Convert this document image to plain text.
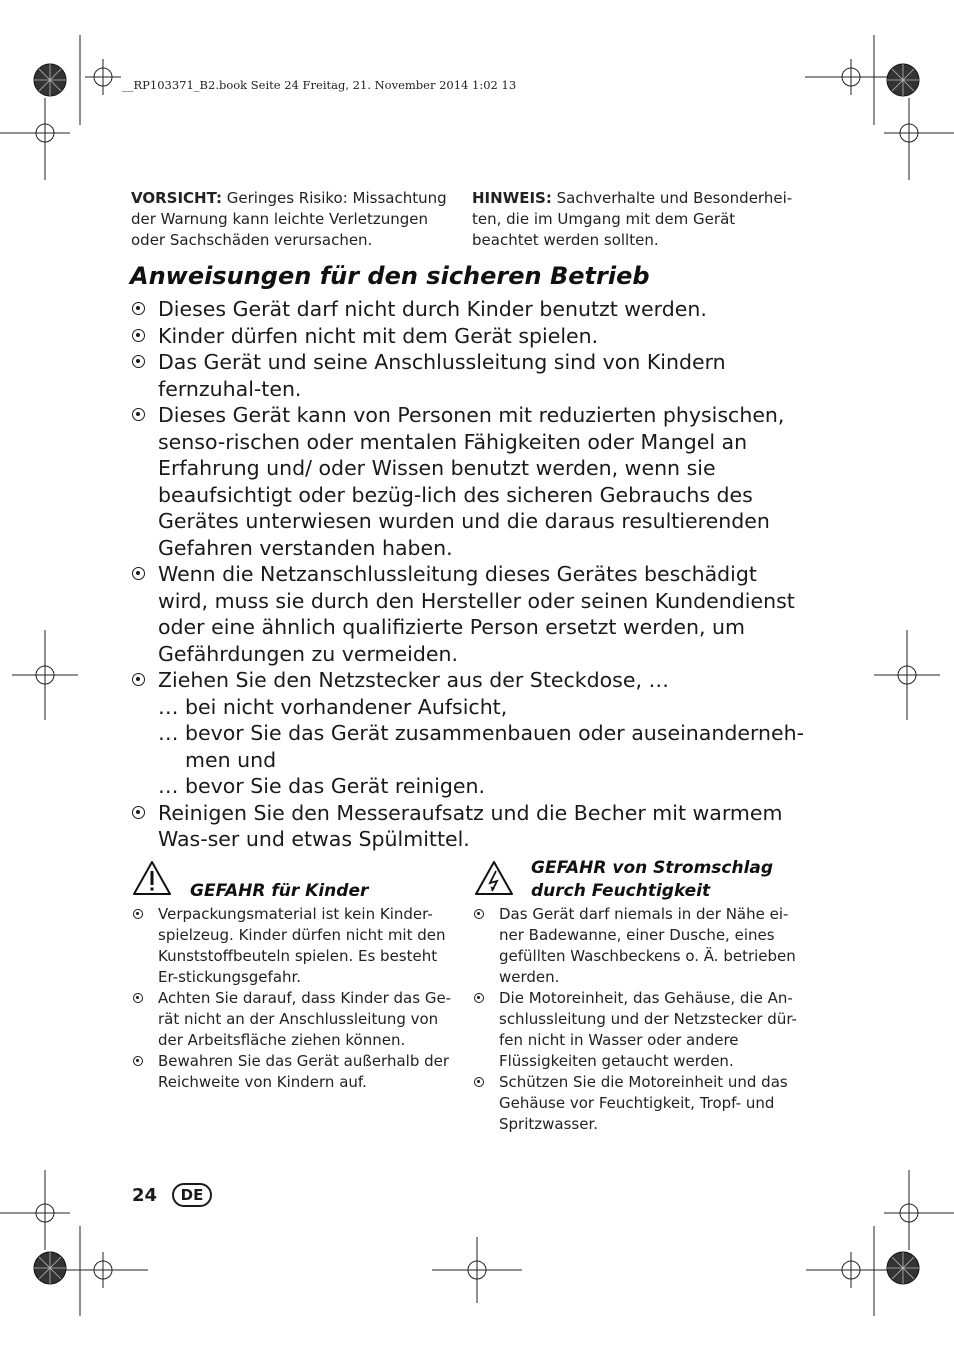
__RP103371_B2.book Seite 24 Freitag, 21. November 2014 1:02 13
VORSICHT: Geringes Risiko: Missachtung der Warnung kann leichte Verletzungen oder Sachschäden verursachen.
HINWEIS: Sachverhalte und Besonderhei-ten, die im Umgang mit dem Gerät beachtet werden sollten.
Anweisungen für den sicheren Betrieb
Dieses Gerät darf nicht durch Kinder benutzt werden.
Kinder dürfen nicht mit dem Gerät spielen.
Das Gerät und seine Anschlussleitung sind von Kindern fernzuhal-ten.
Dieses Gerät kann von Personen mit reduzierten physischen, senso-rischen oder mentalen Fähigkeiten oder Mangel an Erfahrung und/ oder Wissen benutzt werden, wenn sie beaufsichtigt oder bezüg-lich des sicheren Gebrauchs des Gerätes unterwiesen wurden und die daraus resultierenden Gefahren verstanden haben.
Wenn die Netzanschlussleitung dieses Gerätes beschädigt wird, muss sie durch den Hersteller oder seinen Kundendienst oder eine ähnlich qualifizierte Person ersetzt werden, um Gefährdungen zu vermeiden.
Ziehen Sie den Netzstecker aus der Steckdose, …
… bei nicht vorhandener Aufsicht,
… bevor Sie das Gerät zusammenbauen oder auseinanderneh-men und
… bevor Sie das Gerät reinigen.
Reinigen Sie den Messeraufsatz und die Becher mit warmem Was-ser und etwas Spülmittel.
GEFAHR für Kinder
Verpackungsmaterial ist kein Kinder-spielzeug. Kinder dürfen nicht mit den Kunststoffbeuteln spielen. Es besteht Er-stickungsgefahr.
Achten Sie darauf, dass Kinder das Ge-rät nicht an der Anschlussleitung von der Arbeitsfläche ziehen können.
Bewahren Sie das Gerät außerhalb der Reichweite von Kindern auf.
GEFAHR von Stromschlag
durch Feuchtigkeit
Das Gerät darf niemals in der Nähe ei-ner Badewanne, einer Dusche, eines gefüllten Waschbeckens o. Ä. betrieben werden.
Die Motoreinheit, das Gehäuse, die An-schlussleitung und der Netzstecker dür-fen nicht in Wasser oder andere Flüssigkeiten getaucht werden.
Schützen Sie die Motoreinheit und das Gehäuse vor Feuchtigkeit, Tropf- und Spritzwasser.
24	DE
